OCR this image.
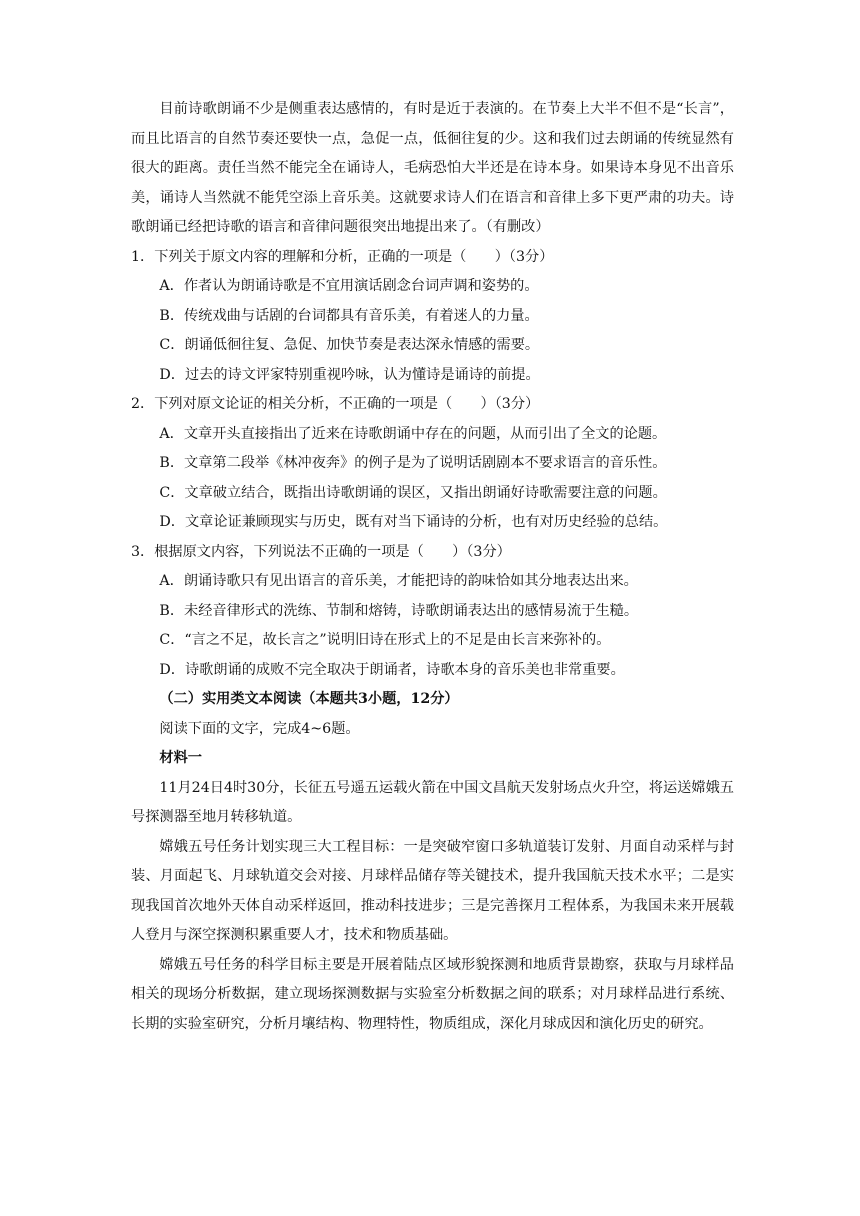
目前诗歌朗诵不少是侧重表达感情的，有时是近于表演的。在节奏上大半不但不是“长言”，而且比语言的自然节奏还要快一点，急促一点，低徊往复的少。这和我们过去朗诵的传统显然有很大的距离。责任当然不能完全在诵诗人，毛病恐怕大半还是在诗本身。如果诗本身见不出音乐美，诵诗人当然就不能凭空添上音乐美。这就要求诗人们在语言和音律上多下更严肃的功夫。诗歌朗诵已经把诗歌的语言和音律问题很突出地提出来了。（有删改）

1．下列关于原文内容的理解和分析，正确的一项是（　　）（3分）

A．作者认为朗诵诗歌是不宜用演话剧念台词声调和姿势的。

B．传统戏曲与话剧的台词都具有音乐美，有着迷人的力量。

C．朗诵低徊往复、急促、加快节奏是表达深永情感的需要。

D．过去的诗文评家特别重视吟咏，认为懂诗是诵诗的前提。

2．下列对原文论证的相关分析，不正确的一项是（　　）（3分）

A．文章开头直接指出了近来在诗歌朗诵中存在的问题，从而引出了全文的论题。

B．文章第二段举《林冲夜奔》的例子是为了说明话剧剧本不要求语言的音乐性。

C．文章破立结合，既指出诗歌朗诵的误区，又指出朗诵好诗歌需要注意的问题。

D．文章论证兼顾现实与历史，既有对当下诵诗的分析，也有对历史经验的总结。

3．根据原文内容，下列说法不正确的一项是（　　）（3分）

A．朗诵诗歌只有见出语言的音乐美，才能把诗的韵味恰如其分地表达出来。

B．未经音律形式的洗练、节制和熔铸，诗歌朗诵表达出的感情易流于生糙。

C．“言之不足，故长言之”说明旧诗在形式上的不足是由长言来弥补的。

D．诗歌朗诵的成败不完全取决于朗诵者，诗歌本身的音乐美也非常重要。

（二）实用类文本阅读（本题共3小题，12分）

阅读下面的文字，完成4~6题。

材料一

11月24日4时30分，长征五号遥五运载火箭在中国文昌航天发射场点火升空，将运送嫦娥五号探测器至地月转移轨道。

嫦娥五号任务计划实现三大工程目标：一是突破窄窗口多轨道装订发射、月面自动采样与封装、月面起飞、月球轨道交会对接、月球样品储存等关键技术，提升我国航天技术水平；二是实现我国首次地外天体自动采样返回，推动科技进步；三是完善探月工程体系，为我国未来开展载人登月与深空探测积累重要人才，技术和物质基础。

嫦娥五号任务的科学目标主要是开展着陆点区域形貌探测和地质背景勘察，获取与月球样品相关的现场分析数据，建立现场探测数据与实验室分析数据之间的联系；对月球样品进行系统、长期的实验室研究，分析月壤结构、物理特性，物质组成，深化月球成因和演化历史的研究。
